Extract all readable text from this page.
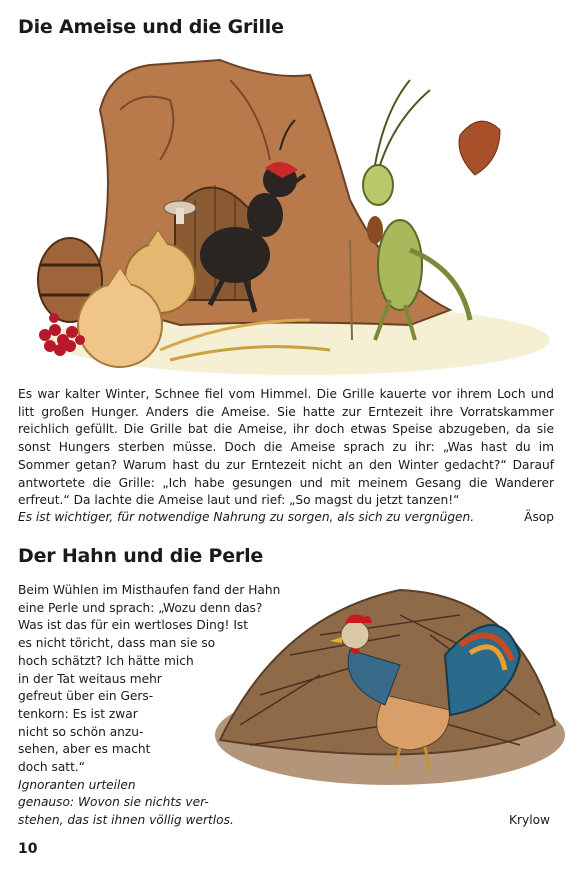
Die Ameise und die Grille

Es war kalter Winter, Schnee fiel vom Himmel. Die Grille kauerte vor ihrem Loch und litt großen Hunger. Anders die Ameise. Sie hatte zur Erntezeit ihre Vorratskammer reichlich gefüllt. Die Grille bat die Ameise, ihr doch etwas Speise abzugeben, da sie sonst Hungers sterben müsse. Doch die Ameise sprach zu ihr: „Was hast du im Sommer getan? Warum hast du zur Erntezeit nicht an den Winter gedacht?“ Darauf antwortete die Grille: „Ich habe gesungen und mit meinem Gesang die Wanderer erfreut.“ Da lachte die Ameise laut und rief: „So magst du jetzt tanzen!“

Es ist wichtiger, für notwendige Nahrung zu sorgen, als sich zu vergnügen.	Äsop
Der Hahn und die Perle
Beim Wühlen im Misthaufen fand der Hahn
eine Perle und sprach: „Wozu denn das?
Was ist das für ein wertloses Ding! Ist
es nicht töricht, dass man sie so
hoch schätzt? Ich hätte mich
in der Tat weitaus mehr
gefreut über ein Gers-
tenkorn: Es ist zwar
nicht so schön anzu-
sehen, aber es macht
doch satt.“
Ignoranten urteilen
genauso: Wovon sie nichts ver-
stehen, das ist ihnen völlig wertlos.	Krylow
10
